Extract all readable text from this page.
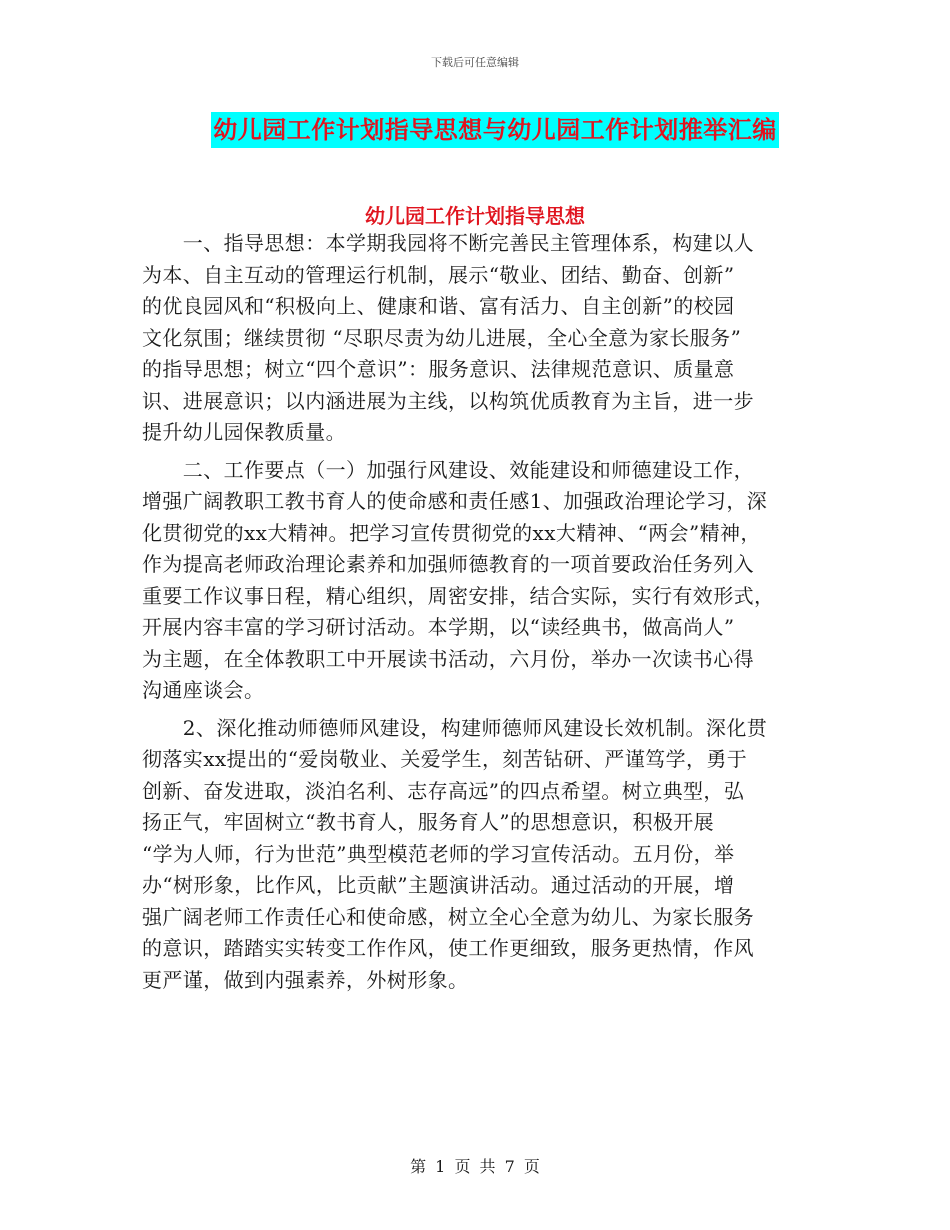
下载后可任意编辑
幼儿园工作计划指导思想与幼儿园工作计划推举汇编
幼儿园工作计划指导思想
　　一、指导思想：本学期我园将不断完善民主管理体系，构建以人
为本、自主互动的管理运行机制，展示“敬业、团结、勤奋、创新”
的优良园风和“积极向上、健康和谐、富有活力、自主创新”的校园
文化氛围；继续贯彻 “尽职尽责为幼儿进展，全心全意为家长服务”
的指导思想；树立“四个意识”：服务意识、法律规范意识、质量意
识、进展意识；以内涵进展为主线，以构筑优质教育为主旨，进一步
提升幼儿园保教质量。
　　二、工作要点（一）加强行风建设、效能建设和师德建设工作，
增强广阔教职工教书育人的使命感和责任感1、加强政治理论学习，深
化贯彻党的xx大精神。把学习宣传贯彻党的xx大精神、“两会”精神，
作为提高老师政治理论素养和加强师德教育的一项首要政治任务列入
重要工作议事日程，精心组织，周密安排，结合实际，实行有效形式，
开展内容丰富的学习研讨活动。本学期，以“读经典书，做高尚人”
为主题，在全体教职工中开展读书活动，六月份，举办一次读书心得
沟通座谈会。
　　2、深化推动师德师风建设，构建师德师风建设长效机制。深化贯
彻落实xx提出的“爱岗敬业、关爱学生，刻苦钻研、严谨笃学，勇于
创新、奋发进取，淡泊名利、志存高远”的四点希望。树立典型，弘
扬正气，牢固树立“教书育人，服务育人”的思想意识，积极开展
“学为人师，行为世范”典型模范老师的学习宣传活动。五月份，举
办“树形象，比作风，比贡献”主题演讲活动。通过活动的开展，增
强广阔老师工作责任心和使命感，树立全心全意为幼儿、为家长服务
的意识，踏踏实实转变工作作风，使工作更细致，服务更热情，作风
更严谨，做到内强素养，外树形象。
第 1 页 共 7 页
